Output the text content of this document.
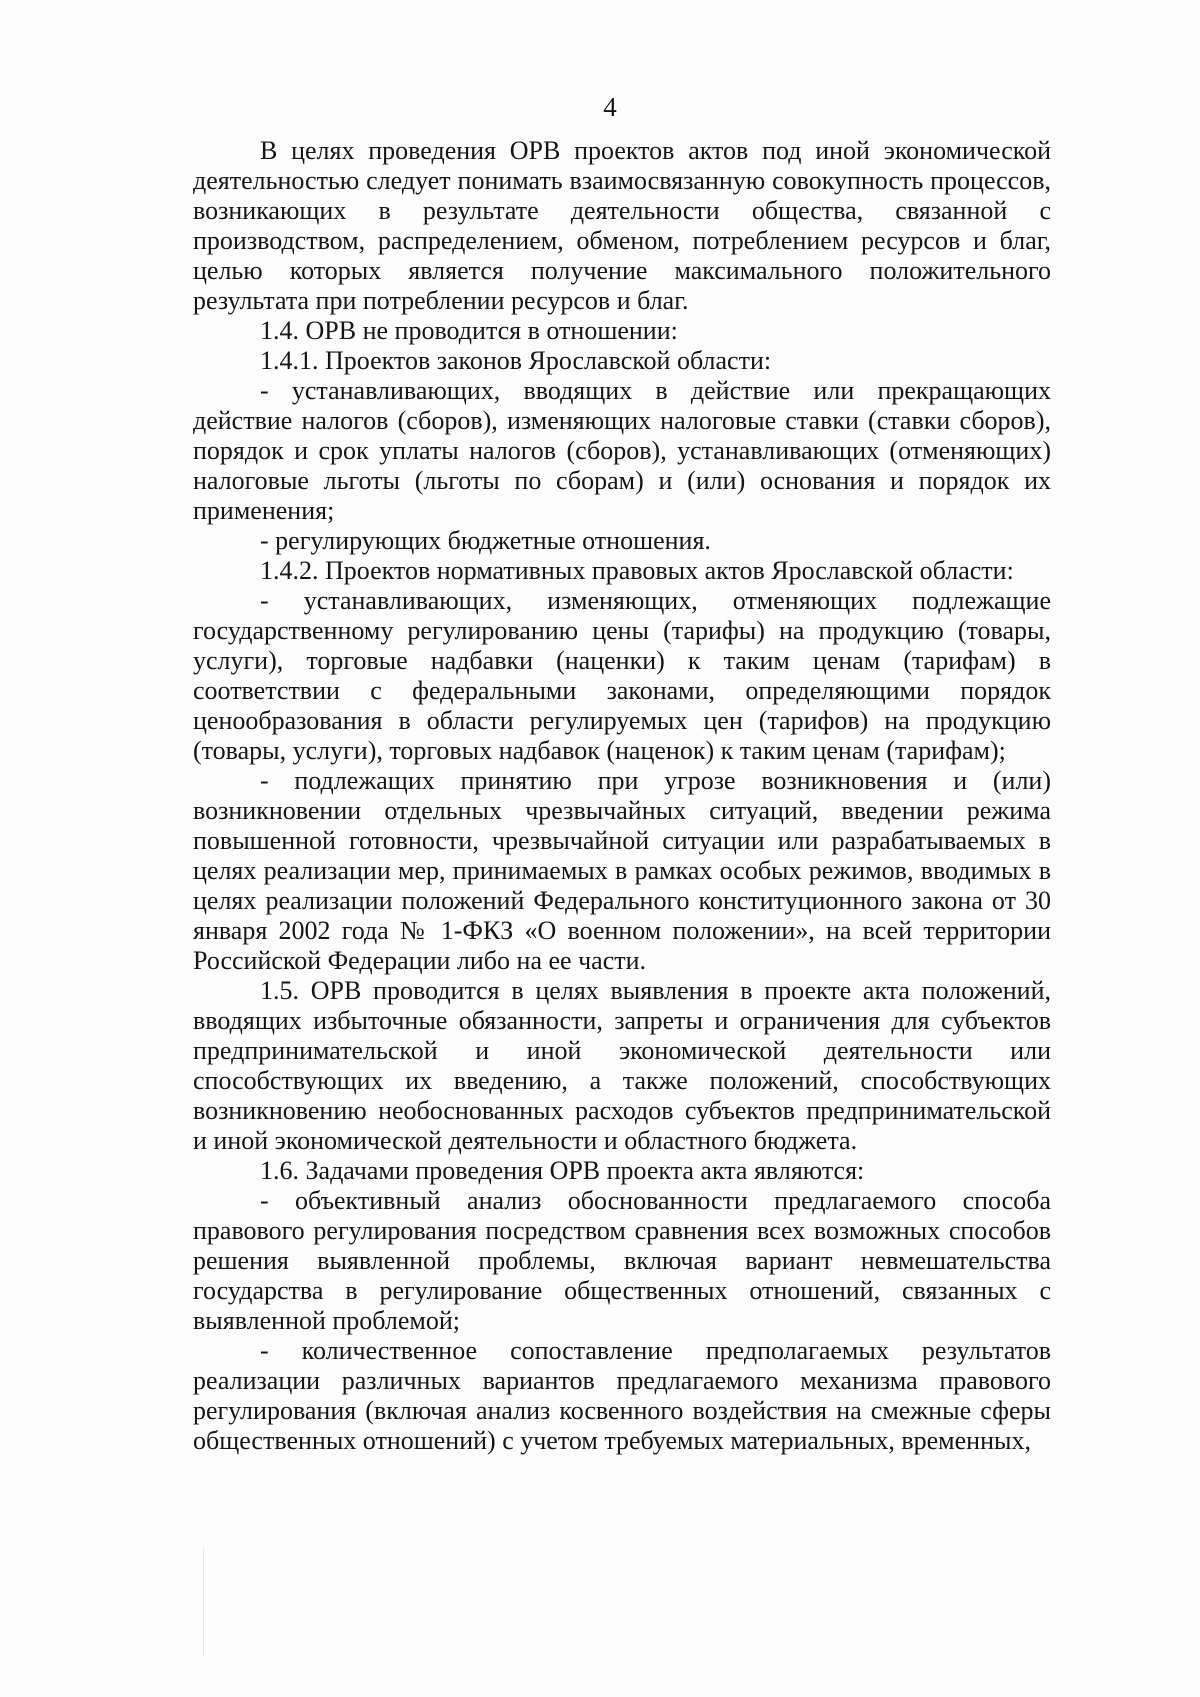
4

В целях проведения ОРВ проектов актов под иной экономической деятельностью следует понимать взаимосвязанную совокупность процессов, возникающих в результате деятельности общества, связанной с производством, распределением, обменом, потреблением ресурсов и благ, целью которых является получение максимального положительного результата при потреблении ресурсов и благ.

1.4. ОРВ не проводится в отношении:

1.4.1. Проектов законов Ярославской области:

- устанавливающих, вводящих в действие или прекращающих действие налогов (сборов), изменяющих налоговые ставки (ставки сборов), порядок и срок уплаты налогов (сборов), устанавливающих (отменяющих) налоговые льготы (льготы по сборам) и (или) основания и порядок их применения;

- регулирующих бюджетные отношения.

1.4.2. Проектов нормативных правовых актов Ярославской области:

- устанавливающих, изменяющих, отменяющих подлежащие государственному регулированию цены (тарифы) на продукцию (товары, услуги), торговые надбавки (наценки) к таким ценам (тарифам) в соответствии с федеральными законами, определяющими порядок ценообразования в области регулируемых цен (тарифов) на продукцию (товары, услуги), торговых надбавок (наценок) к таким ценам (тарифам);

- подлежащих принятию при угрозе возникновения и (или) возникновении отдельных чрезвычайных ситуаций, введении режима повышенной готовности, чрезвычайной ситуации или разрабатываемых в целях реализации мер, принимаемых в рамках особых режимов, вводимых в целях реализации положений Федерального конституционного закона от 30 января 2002 года № 1-ФКЗ «О военном положении», на всей территории Российской Федерации либо на ее части.

1.5. ОРВ проводится в целях выявления в проекте акта положений, вводящих избыточные обязанности, запреты и ограничения для субъектов предпринимательской и иной экономической деятельности или способствующих их введению, а также положений, способствующих возникновению необоснованных расходов субъектов предпринимательской и иной экономической деятельности и областного бюджета.

1.6. Задачами проведения ОРВ проекта акта являются:

- объективный анализ обоснованности предлагаемого способа правового регулирования посредством сравнения всех возможных способов решения выявленной проблемы, включая вариант невмешательства государства в регулирование общественных отношений, связанных с выявленной проблемой;

- количественное сопоставление предполагаемых результатов реализации различных вариантов предлагаемого механизма правового регулирования (включая анализ косвенного воздействия на смежные сферы общественных отношений) с учетом требуемых материальных, временных,
